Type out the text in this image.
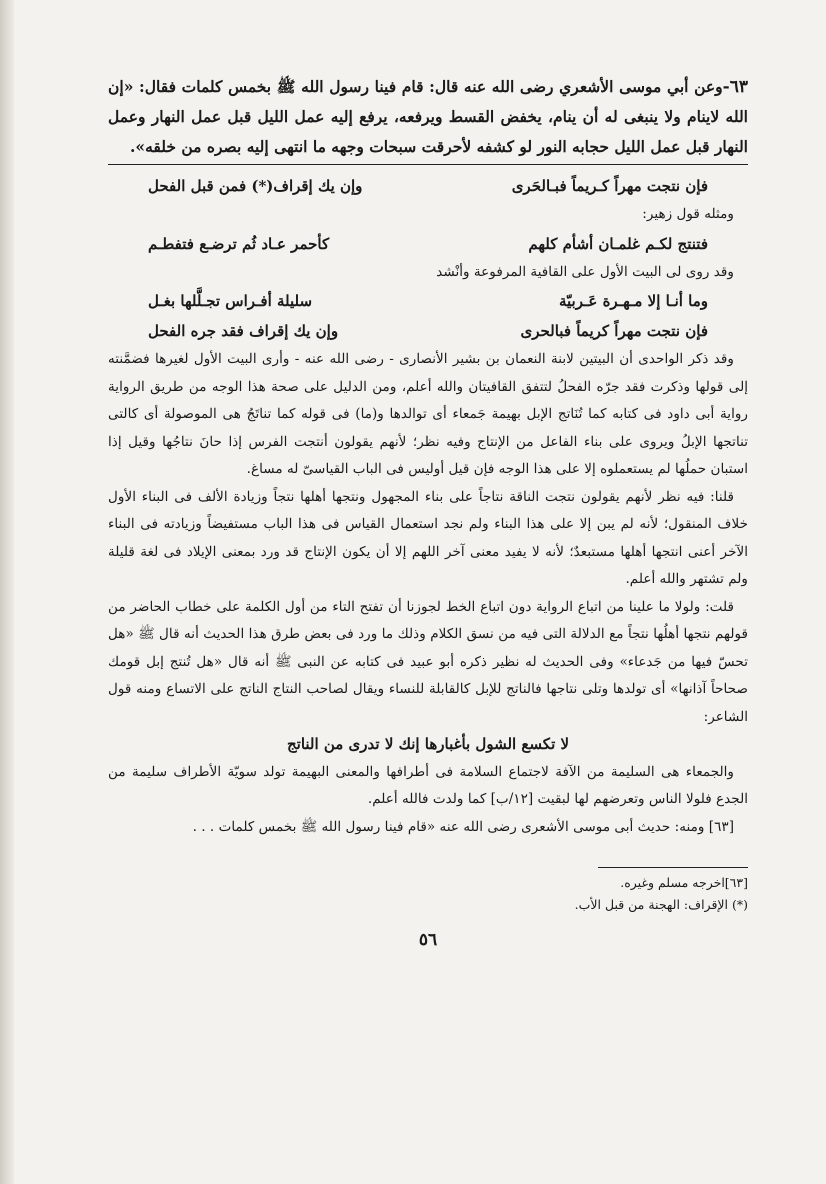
٦٣-وعن أبي موسى الأشعري رضى الله عنه قال: قام فينا رسول الله ﷺ بخمس كلمات فقال: «إن الله لاينام ولا ينبغى له أن ينام، يخفض القسط ويرفعه، يرفع إليه عمل الليل قبل عمل النهار وعمل النهار قبل عمل الليل حجابه النور لو كشفه لأحرقت سبحات وجهه ما انتهى إليه بصره من خلقه».

فإن نتجت مهراً كـريماً فبـالحَرى
وإن يك إقراف(*) فمن قبل الفحل

ومثله قول زهير:

فتنتج لكـم غلمـان أشأم كلهم
كأحمر عـاد ثُم ترضـع فتفطـم

وقد روى لى البيت الأول على القافية المرفوعة وأنْشد

وما أنـا إلا مـهـرة عَـربيّة
سليلة أفـراس تجـلَّلها بغـل
فإن نتجت مهراً كريماً فبالحرى
وإن يك إقراف فقد جره الفحل

وقد ذكر الواحدى أن البيتين لابنة النعمان بن بشير الأنصارى - رضى الله عنه - وأرى البيت الأول لغيرها فضمَّنته إلى قولها وذكرت فقد جرّه الفحلُ لتتفق القافيتان والله أعلم، ومن الدليل على صحة هذا الوجه من طريق الرواية رواية أبى داود فى كتابه كما تُنَاتج الإبل بهيمة جَمعاء أى توالدها و(ما) فى قوله كما تناتَجُ هى الموصولة أى كالتى تناتجها الإبلُ ويروى على بناء الفاعل من الإنتاج وفيه نظر؛ لأنهم يقولون أنتجت الفرس إذا حانَ نتاجُها وقيل إذا استبان حملُها لم يستعملوه إلا على هذا الوجه فإن قيل أوليس فى الباب القياسىّ له مساغ.

قلنا: فيه نظر لأنهم يقولون نتجت الناقة نتاجاً على بناء المجهول ونتجها أهلها نتجاً وزيادة الألف فى البناء الأول خلاف المنقول؛ لأنه لم يبن إلا على هذا البناء ولم نجد استعمال القياس فى هذا الباب مستفيضاً وزيادته فى البناء الآخر أعنى انتجها أهلها مستبعدٌ؛ لأنه لا يفيد معنى آخر اللهم إلا أن يكون الإنتاج قد ورد بمعنى الإيلاد فى لغة قليلة ولم تشتهر والله أعلم.

قلت: ولولا ما علينا من اتباع الرواية دون اتباع الخط لجوزنا أن تفتح التاء من أول الكلمة على خطاب الحاضر من قولهم نتجها أهلُها نتجاً مع الدلالة التى فيه من نسق الكلام وذلك ما ورد فى بعض طرق هذا الحديث أنه قال ﷺ «هل تحسّ فيها من جَدعاء» وفى الحديث له نظير ذكره أبو عبيد فى كتابه عن النبى ﷺ أنه قال «هل تُنتج إبل قومك صحاحاً آذانها» أى تولدها وتلى نتاجها فالناتج للإبل كالقابلة للنساء ويقال لصاحب النتاج الناتج على الاتساع ومنه قول الشاعر:

لا تكسع الشول بأغبارها إنك لا تدرى من الناتج

والجمعاء هى السليمة من الآفة لاجتماع السلامة فى أطرافها والمعنى البهيمة تولد سويّة الأطراف سليمة من الجدع فلولا الناس وتعرضهم لها لبقيت [١٢/ب] كما ولدت فالله أعلم.

[٦٣] ومنه: حديث أبى موسى الأشعرى رضى الله عنه «قام فينا رسول الله ﷺ بخمس كلمات . . .

[٦٣]اخرجه مسلم وغيره.

(*) الإقراف: الهجنة من قبل الأب.

٥٦
